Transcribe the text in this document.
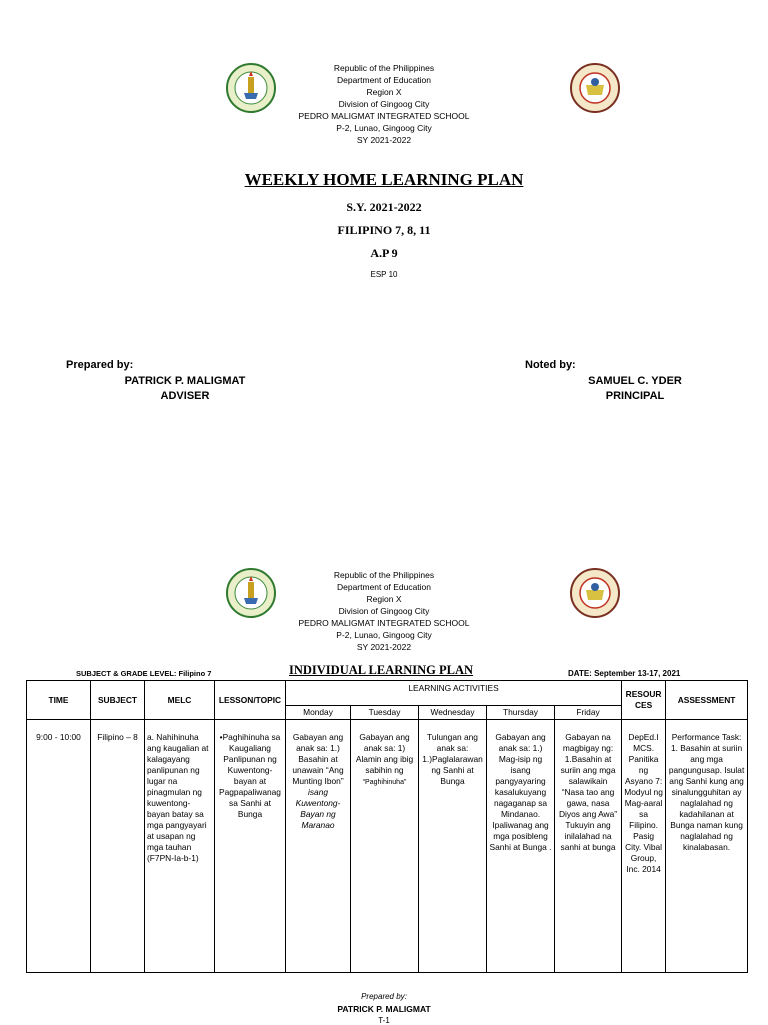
Republic of the Philippines
Department of Education
Region X
Division of Gingoog City
PEDRO MALIGMAT INTEGRATED SCHOOL
P-2, Lunao, Gingoog City
SY 2021-2022
WEEKLY HOME LEARNING PLAN
S.Y. 2021-2022
FILIPINO 7, 8, 11
A.P 9
ESP 10
Prepared by:
PATRICK P. MALIGMAT
ADVISER
Noted by:
SAMUEL C. YDER
PRINCIPAL
Republic of the Philippines
Department of Education
Region X
Division of Gingoog City
PEDRO MALIGMAT INTEGRATED SCHOOL
P-2, Lunao, Gingoog City
SY 2021-2022
SUBJECT & GRADE LEVEL: Filipino 7	INDIVIDUAL LEARNING PLAN	DATE: September 13-17, 2021
TIME	SUBJECT	MELC	LESSON/TOPIC	LEARNING ACTIVITIES					RESOUR CES	ASSESSMENT
				Monday	Tuesday	Wednesday	Thursday	Friday		
9:00 - 10:00	Filipino – 8	a. Nahihinuha ang kaugalian at kalagayang panlipunan ng lugar na pinagmulan ng kuwentong-bayan batay sa mga pangyayari at usapan ng mga tauhan (F7PN-Ia-b-1)	•Paghihinuha sa Kaugaliang Panlipunan ng Kuwentong-bayan at Pagpapaliwanag sa Sanhi at Bunga	Gabayan ang anak sa: 1.) Basahin at unawain “Ang Munting Ibon” isang Kuwentong-Bayan ng Maranao	Gabayan ang anak sa: 1) Alamin ang ibig sabihin ng “Paghihinuha”	Tulungan ang anak sa: 1.)Paglalarawan ng Sanhi at Bunga	Gabayan ang anak sa: 1.) Mag-isip ng isang pangyayaring kasalukuyang nagaganap sa Mindanao. Ipaliwanag ang mga posibleng Sanhi at Bunga .	Gabayan na magbigay ng: 1.Basahin at suriin ang mga salawikain “Nasa tao ang gawa, nasa Diyos ang Awa” Tukuyin ang inilalahad na sanhi at bunga	DepEd.I MCS. Panitika ng Asyano 7: Modyul ng Mag-aaral sa Filipino. Pasig City. Vibal Group, Inc. 2014	Performance Task: 1. Basahin at suriin ang mga pangungusap. Isulat ang Sanhi kung ang sinalungguhitan ay naglalahad ng kadahilanan at Bunga naman kung naglalahad ng kinalabasan.
Prepared by:
PATRICK P. MALIGMAT
T-1
